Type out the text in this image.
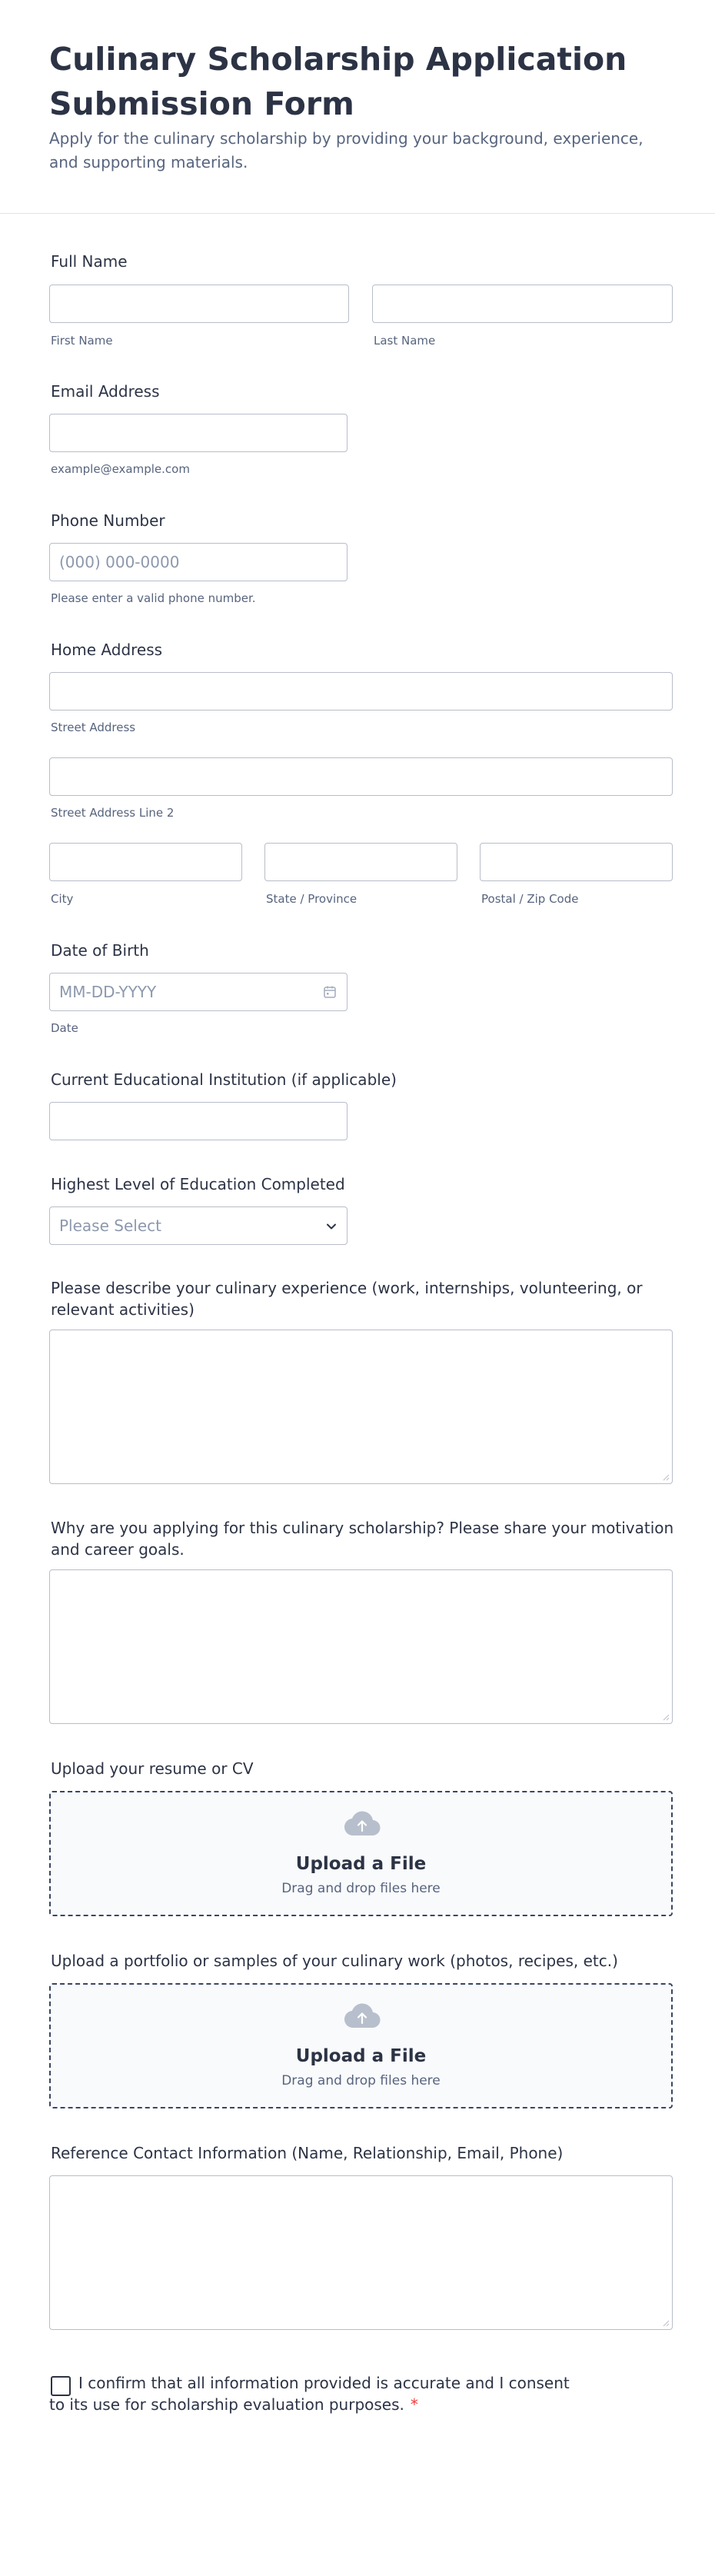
Culinary Scholarship Application Submission Form

Apply for the culinary scholarship by providing your background, experience, and supporting materials.

Full Name
First Name	Last Name
Email Address
example@example.com
Phone Number
(000) 000-0000
Please enter a valid phone number.
Home Address
Street Address
Street Address Line 2
City	State / Province	Postal / Zip Code
Date of Birth
MM-DD-YYYY
Date
Current Educational Institution (if applicable)
Highest Level of Education Completed
Please Select
Please describe your culinary experience (work, internships, volunteering, or relevant activities)
Why are you applying for this culinary scholarship? Please share your motivation and career goals.
Upload your resume or CV
Upload a File
Drag and drop files here
Upload a portfolio or samples of your culinary work (photos, recipes, etc.)
Upload a File
Drag and drop files here
Reference Contact Information (Name, Relationship, Email, Phone)

I confirm that all information provided is accurate and I consent to its use for scholarship evaluation purposes. *
